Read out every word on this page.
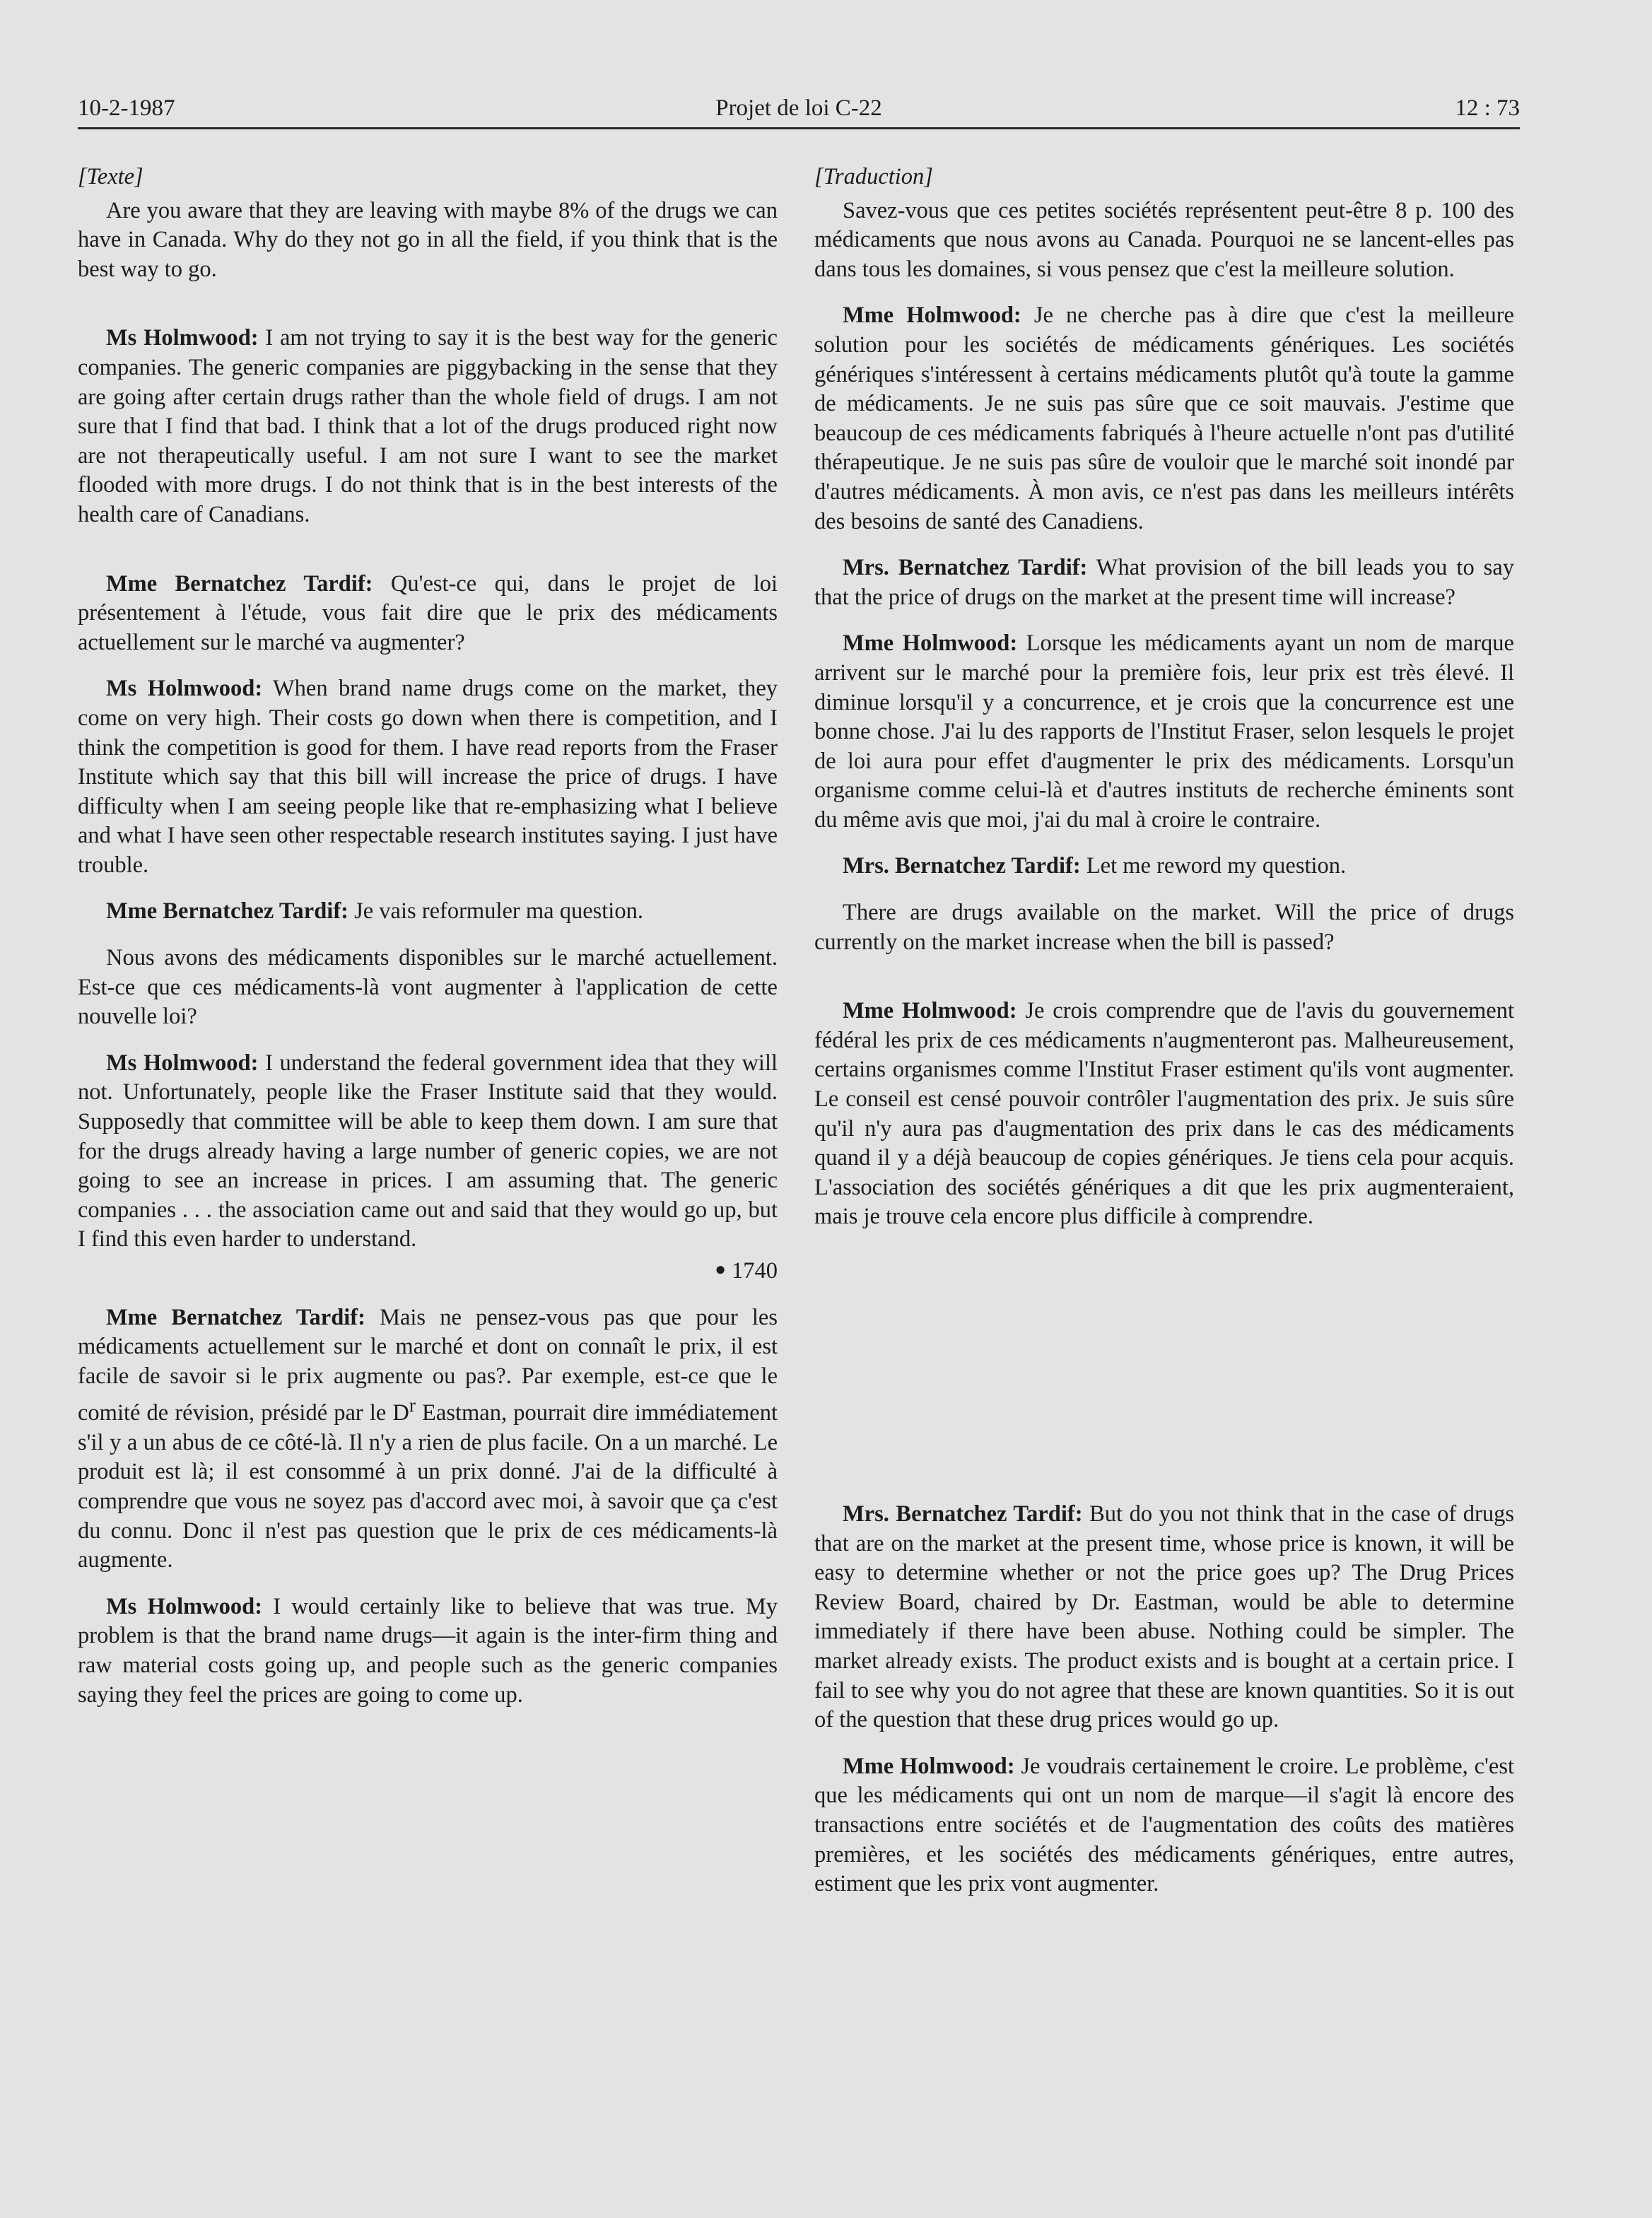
10-2-1987	Projet de loi C-22	12 : 73

[Texte]

Are you aware that they are leaving with maybe 8% of the drugs we can have in Canada. Why do they not go in all the field, if you think that is the best way to go.

Ms Holmwood: I am not trying to say it is the best way for the generic companies. The generic companies are piggybacking in the sense that they are going after certain drugs rather than the whole field of drugs. I am not sure that I find that bad. I think that a lot of the drugs produced right now are not therapeutically useful. I am not sure I want to see the market flooded with more drugs. I do not think that is in the best interests of the health care of Canadians.

Mme Bernatchez Tardif: Qu'est-ce qui, dans le projet de loi présentement à l'étude, vous fait dire que le prix des médicaments actuellement sur le marché va augmenter?

Ms Holmwood: When brand name drugs come on the market, they come on very high. Their costs go down when there is competition, and I think the competition is good for them. I have read reports from the Fraser Institute which say that this bill will increase the price of drugs. I have difficulty when I am seeing people like that re-emphasizing what I believe and what I have seen other respectable research institutes saying. I just have trouble.

Mme Bernatchez Tardif: Je vais reformuler ma question.

Nous avons des médicaments disponibles sur le marché actuellement. Est-ce que ces médicaments-là vont augmenter à l'application de cette nouvelle loi?

Ms Holmwood: I understand the federal government idea that they will not. Unfortunately, people like the Fraser Institute said that they would. Supposedly that committee will be able to keep them down. I am sure that for the drugs already having a large number of generic copies, we are not going to see an increase in prices. I am assuming that. The generic companies . . . the association came out and said that they would go up, but I find this even harder to understand.

● 1740

Mme Bernatchez Tardif: Mais ne pensez-vous pas que pour les médicaments actuellement sur le marché et dont on connaît le prix, il est facile de savoir si le prix augmente ou pas?. Par exemple, est-ce que le comité de révision, présidé par le $D^r$ Eastman, pourrait dire immédiatement s'il y a un abus de ce côté-là. Il n'y a rien de plus facile. On a un marché. Le produit est là; il est consommé à un prix donné. J'ai de la difficulté à comprendre que vous ne soyez pas d'accord avec moi, à savoir que ça c'est du connu. Donc il n'est pas question que le prix de ces médicaments-là augmente.

Ms Holmwood: I would certainly like to believe that was true. My problem is that the brand name drugs—it again is the inter-firm thing and raw material costs going up, and people such as the generic companies saying they feel the prices are going to come up.

[Traduction]

Savez-vous que ces petites sociétés représentent peut-être 8 p. 100 des médicaments que nous avons au Canada. Pourquoi ne se lancent-elles pas dans tous les domaines, si vous pensez que c'est la meilleure solution.

Mme Holmwood: Je ne cherche pas à dire que c'est la meilleure solution pour les sociétés de médicaments génériques. Les sociétés génériques s'intéressent à certains médicaments plutôt qu'à toute la gamme de médicaments. Je ne suis pas sûre que ce soit mauvais. J'estime que beaucoup de ces médicaments fabriqués à l'heure actuelle n'ont pas d'utilité thérapeutique. Je ne suis pas sûre de vouloir que le marché soit inondé par d'autres médicaments. À mon avis, ce n'est pas dans les meilleurs intérêts des besoins de santé des Canadiens.

Mrs. Bernatchez Tardif: What provision of the bill leads you to say that the price of drugs on the market at the present time will increase?

Mme Holmwood: Lorsque les médicaments ayant un nom de marque arrivent sur le marché pour la première fois, leur prix est très élevé. Il diminue lorsqu'il y a concurrence, et je crois que la concurrence est une bonne chose. J'ai lu des rapports de l'Institut Fraser, selon lesquels le projet de loi aura pour effet d'augmenter le prix des médicaments. Lorsqu'un organisme comme celui-là et d'autres instituts de recherche éminents sont du même avis que moi, j'ai du mal à croire le contraire.

Mrs. Bernatchez Tardif: Let me reword my question.

There are drugs available on the market. Will the price of drugs currently on the market increase when the bill is passed?

Mme Holmwood: Je crois comprendre que de l'avis du gouvernement fédéral les prix de ces médicaments n'augmenteront pas. Malheureusement, certains organismes comme l'Institut Fraser estiment qu'ils vont augmenter. Le conseil est censé pouvoir contrôler l'augmentation des prix. Je suis sûre qu'il n'y aura pas d'augmentation des prix dans le cas des médicaments quand il y a déjà beaucoup de copies génériques. Je tiens cela pour acquis. L'association des sociétés génériques a dit que les prix augmenteraient, mais je trouve cela encore plus difficile à comprendre.

Mrs. Bernatchez Tardif: But do you not think that in the case of drugs that are on the market at the present time, whose price is known, it will be easy to determine whether or not the price goes up? The Drug Prices Review Board, chaired by Dr. Eastman, would be able to determine immediately if there have been abuse. Nothing could be simpler. The market already exists. The product exists and is bought at a certain price. I fail to see why you do not agree that these are known quantities. So it is out of the question that these drug prices would go up.

Mme Holmwood: Je voudrais certainement le croire. Le problème, c'est que les médicaments qui ont un nom de marque—il s'agit là encore des transactions entre sociétés et de l'augmentation des coûts des matières premières, et les sociétés des médicaments génériques, entre autres, estiment que les prix vont augmenter.
